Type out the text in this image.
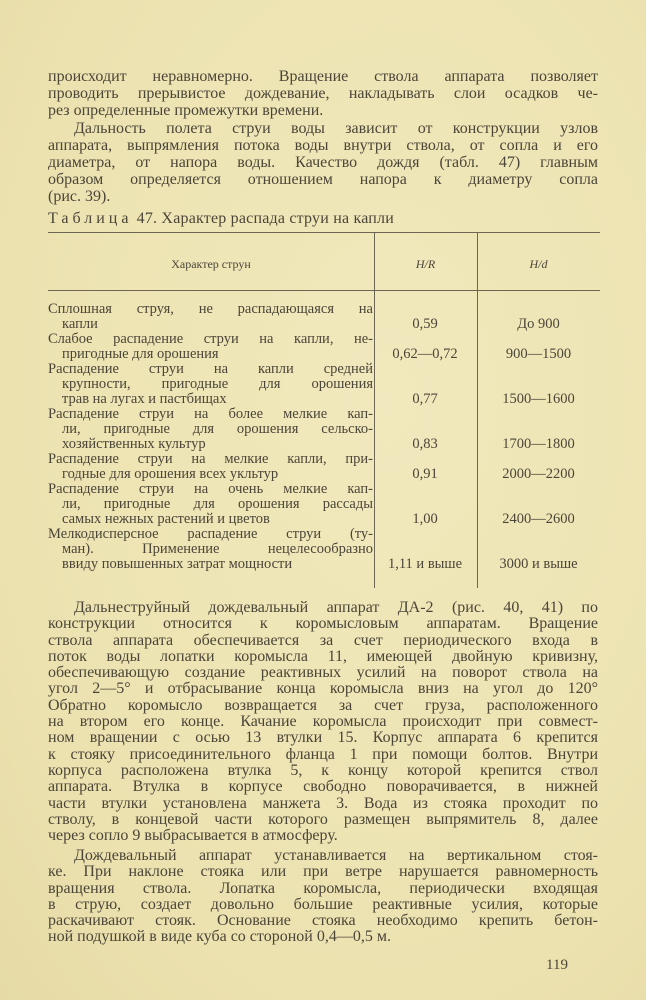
происходит неравномерно. Вращение ствола аппарата позволяет
проводить прерывистое дождевание, накладывать слои осадков че-
рез определенные промежутки времени.
Дальность полета струи воды зависит от конструкции узлов
аппарата, выпрямления потока воды внутри ствола, от сопла и его
диаметра, от напора воды. Качество дождя (табл. 47) главным
образом определяется отношением напора к диаметру сопла
(рис. 39).
Таблица 47. Характер распада струи на капли
Характер струн	H/R	H/d
Сплошная струя, не распадающаяся на
капли	0,59	До 900
Слабое распадение струи на капли, не-
пригодные для орошения	0,62—0,72	900—1500
Распадение струи на капли средней
крупности, пригодные для орошения
трав на лугах и пастбищах	0,77	1500—1600
Распадение струи на более мелкие кап-
ли, пригодные для орошения сельско-
хозяйственных культур	0,83	1700—1800
Распадение струи на мелкие капли, при-
годные для орошения всех укльтур	0,91	2000—2200
Распадение струи на очень мелкие кап-
ли, пригодные для орошения рассады
самых нежных растений и цветов	1,00	2400—2600
Мелкодисперсное распадение струи (ту-
ман). Применение нецелесообразно
ввиду повышенных затрат мощности	1,11 и выше	3000 и выше
Дальнеструйный дождевальный аппарат ДА-2 (рис. 40, 41) по
конструкции относится к коромысловым аппаратам. Вращение
ствола аппарата обеспечивается за счет периодического входа в
поток воды лопатки коромысла 11, имеющей двойную кривизну,
обеспечивающую создание реактивных усилий на поворот ствола на
угол 2—5° и отбрасывание конца коромысла вниз на угол до 120°
Обратно коромысло возвращается за счет груза, расположенного
на втором его конце. Качание коромысла происходит при совмест-
ном вращении с осью 13 втулки 15. Корпус аппарата 6 крепится
к стояку присоединительного фланца 1 при помощи болтов. Внутри
корпуса расположена втулка 5, к концу которой крепится ствол
аппарата. Втулка в корпусе свободно поворачивается, в нижней
части втулки установлена манжета 3. Вода из стояка проходит по
стволу, в концевой части которого размещен выпрямитель 8, далее
через сопло 9 выбрасывается в атмосферу.
Дождевальный аппарат устанавливается на вертикальном стоя-
ке. При наклоне стояка или при ветре нарушается равномерность
вращения ствола. Лопатка коромысла, периодически входящая
в струю, создает довольно большие реактивные усилия, которые
раскачивают стояк. Основание стояка необходимо крепить бетон-
ной подушкой в виде куба со стороной 0,4—0,5 м.
119
